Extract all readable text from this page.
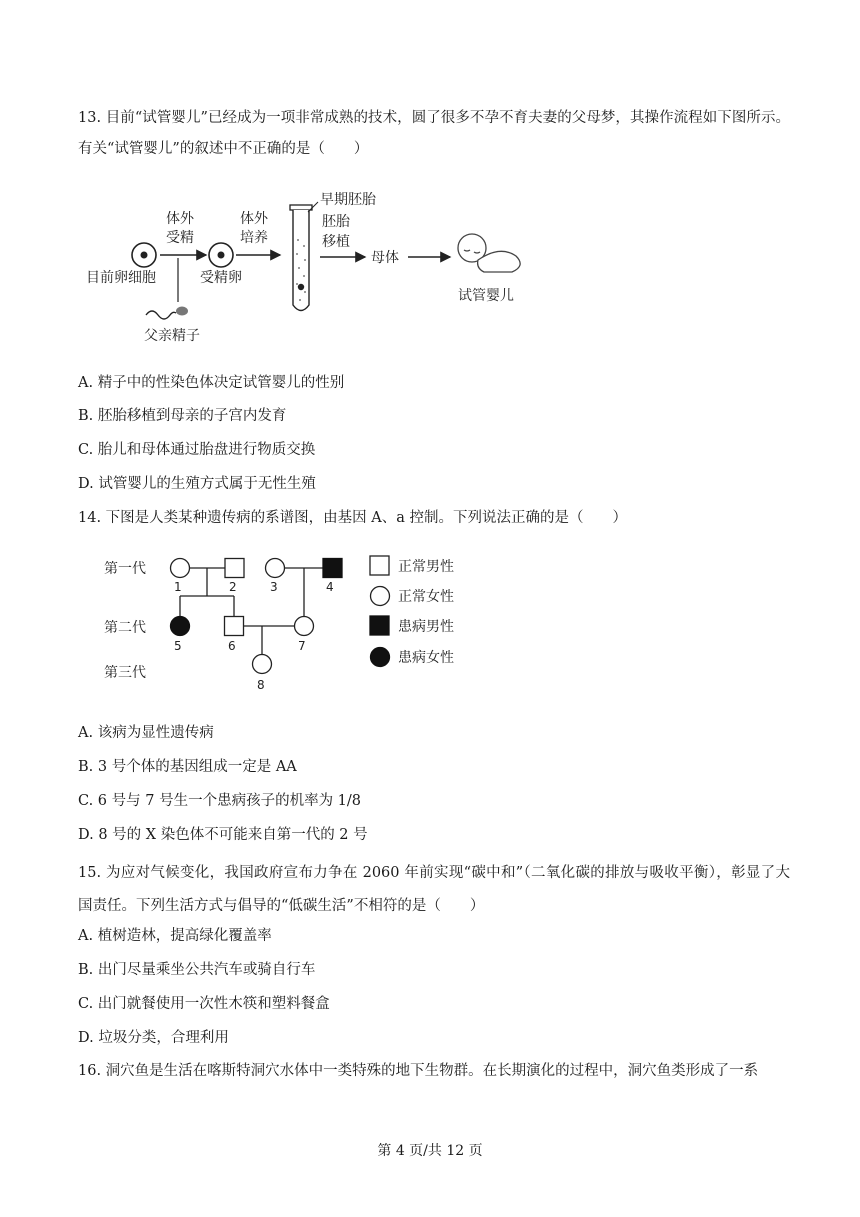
13. 目前“试管婴儿”已经成为一项非常成熟的技术，圆了很多不孕不育夫妻的父母梦，其操作流程如下图所示。有关“试管婴儿”的叙述中不正确的是（　　）
目前卵细胞
体外
受精
父亲精子
受精卵
体外
培养
早期胚胎
胚胎
移植
母体
试管婴儿
A. 精子中的性染色体决定试管婴儿的性别
B. 胚胎移植到母亲的子宫内发育
C. 胎儿和母体通过胎盘进行物质交换
D. 试管婴儿的生殖方式属于无性生殖
14. 下图是人类某种遗传病的系谱图，由基因 A、a 控制。下列说法正确的是（　　）
第一代
第二代
第三代
1	2	3	4
5	6	7
8
正常男性
正常女性
患病男性
患病女性
A. 该病为显性遗传病
B. 3 号个体的基因组成一定是 AA
C. 6 号与 7 号生一个患病孩子的机率为 1/8
D. 8 号的 X 染色体不可能来自第一代的 2 号
15. 为应对气候变化，我国政府宣布力争在 2060 年前实现“碳中和”（二氧化碳的排放与吸收平衡），彰显了大国责任。下列生活方式与倡导的“低碳生活”不相符的是（　　）
A. 植树造林，提高绿化覆盖率
B. 出门尽量乘坐公共汽车或骑自行车
C. 出门就餐使用一次性木筷和塑料餐盒
D. 垃圾分类，合理利用
16. 洞穴鱼是生活在喀斯特洞穴水体中一类特殊的地下生物群。在长期演化的过程中，洞穴鱼类形成了一系
第 4 页/共 12 页
